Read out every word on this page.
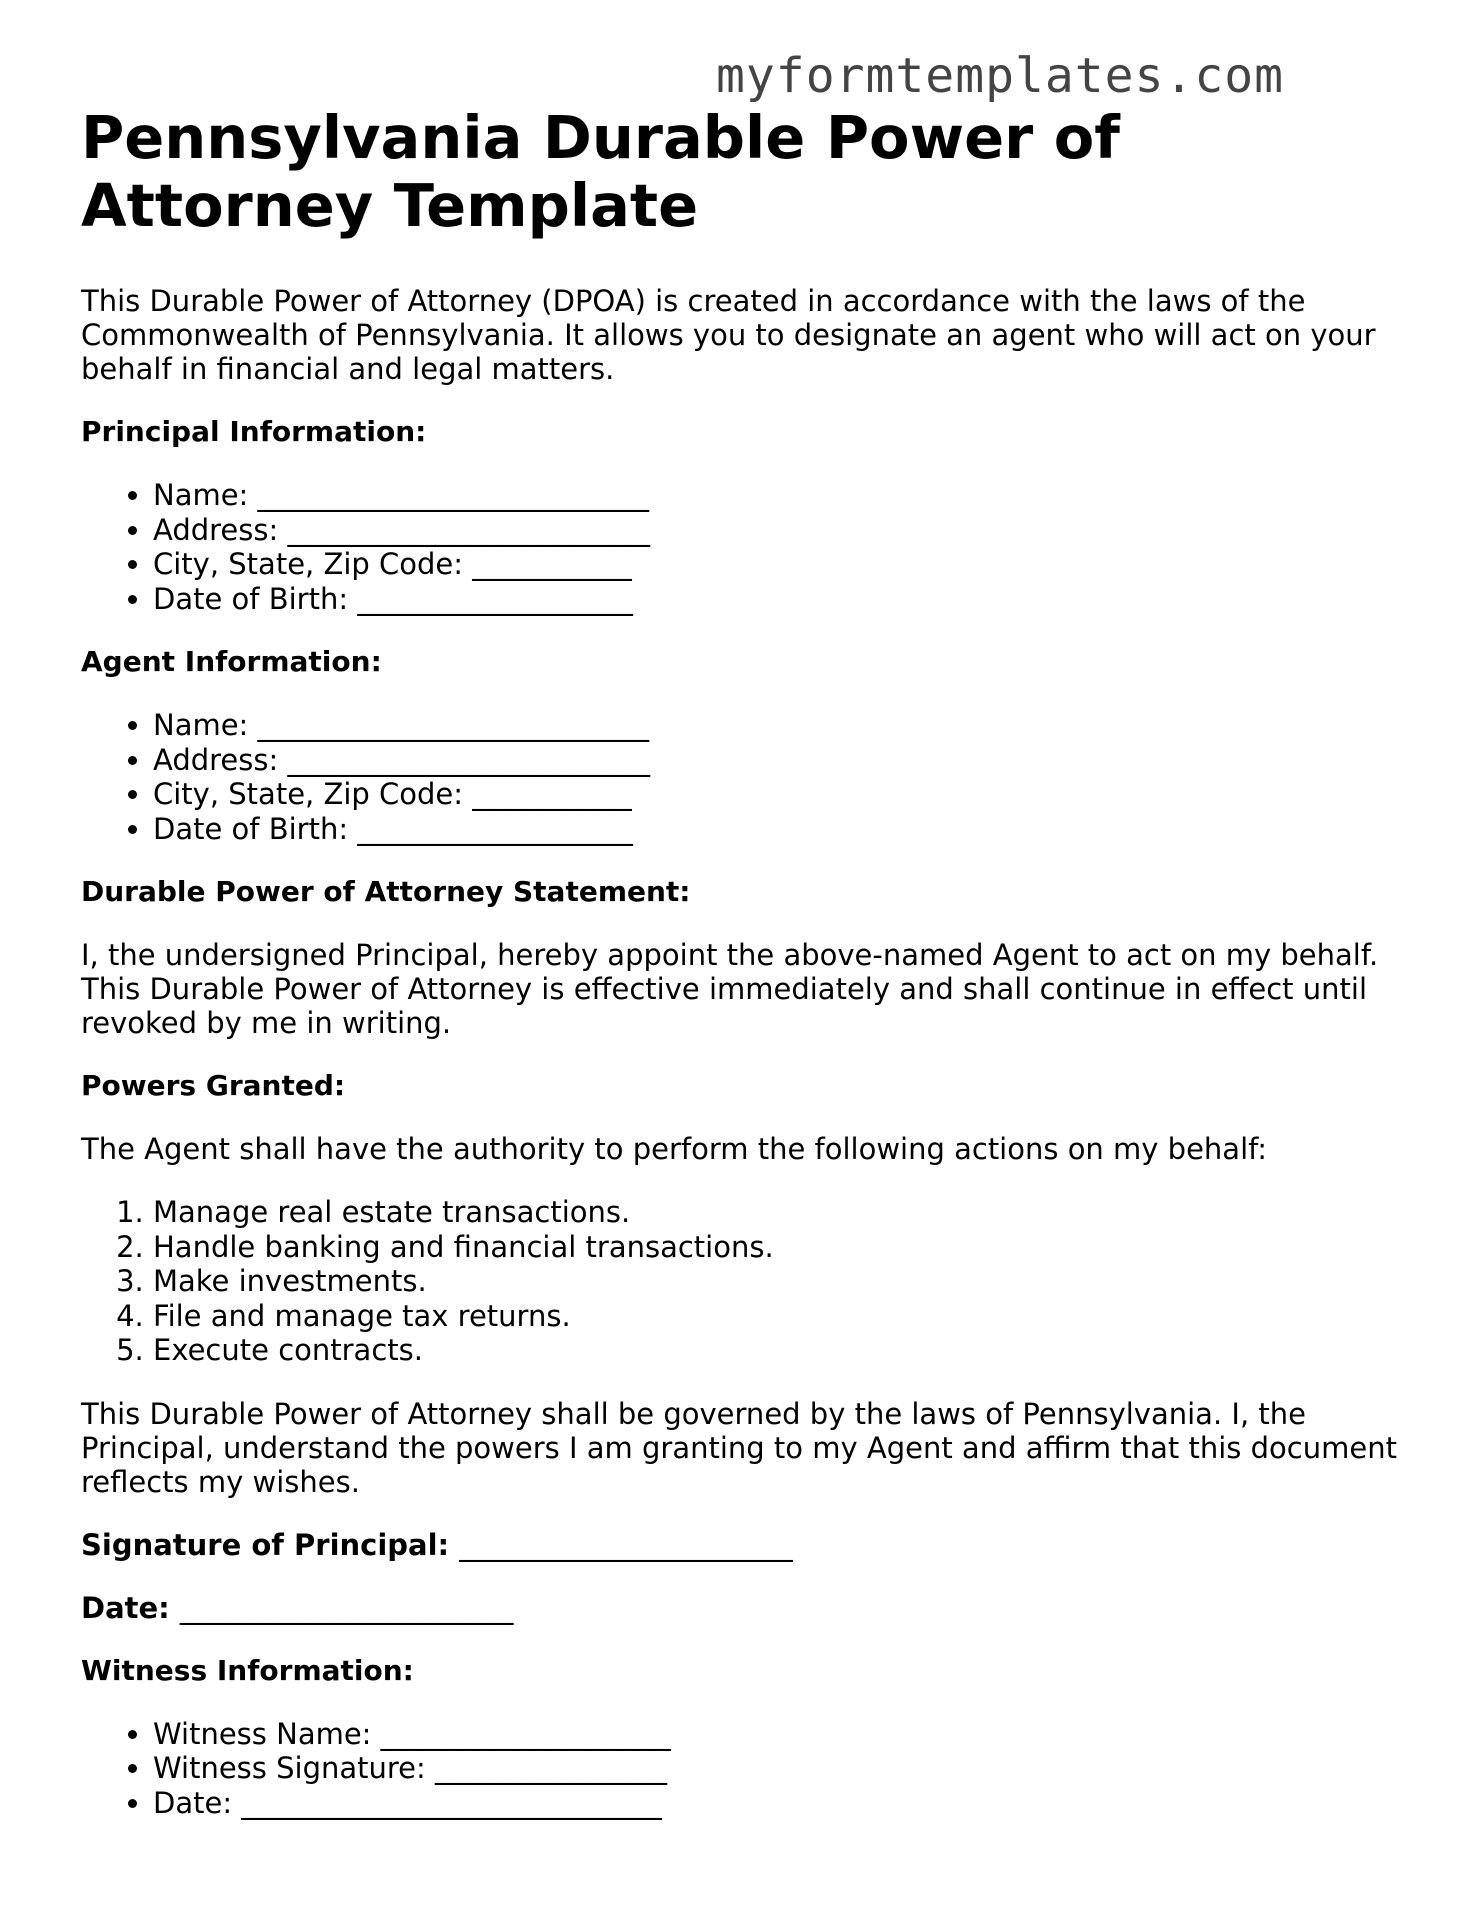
myformtemplates.com
Pennsylvania Durable Power of Attorney Template

This Durable Power of Attorney (DPOA) is created in accordance with the laws of the Commonwealth of Pennsylvania. It allows you to designate an agent who will act on your behalf in financial and legal matters.

Principal Information:
• Name: ___________________________
• Address: _________________________
• City, State, Zip Code: ___________
• Date of Birth: ___________________
Agent Information:
• Name: ___________________________
• Address: _________________________
• City, State, Zip Code: ___________
• Date of Birth: ___________________
Durable Power of Attorney Statement:

I, the undersigned Principal, hereby appoint the above-named Agent to act on my behalf. This Durable Power of Attorney is effective immediately and shall continue in effect until revoked by me in writing.

Powers Granted:

The Agent shall have the authority to perform the following actions on my behalf:

1. Manage real estate transactions.
2. Handle banking and financial transactions.
3. Make investments.
4. File and manage tax returns.
5. Execute contracts.

This Durable Power of Attorney shall be governed by the laws of Pennsylvania. I, the Principal, understand the powers I am granting to my Agent and affirm that this document reflects my wishes.

Signature of Principal: _______________________
Date: _______________________
Witness Information:
• Witness Name: ____________________
• Witness Signature: ________________
• Date: _____________________________
